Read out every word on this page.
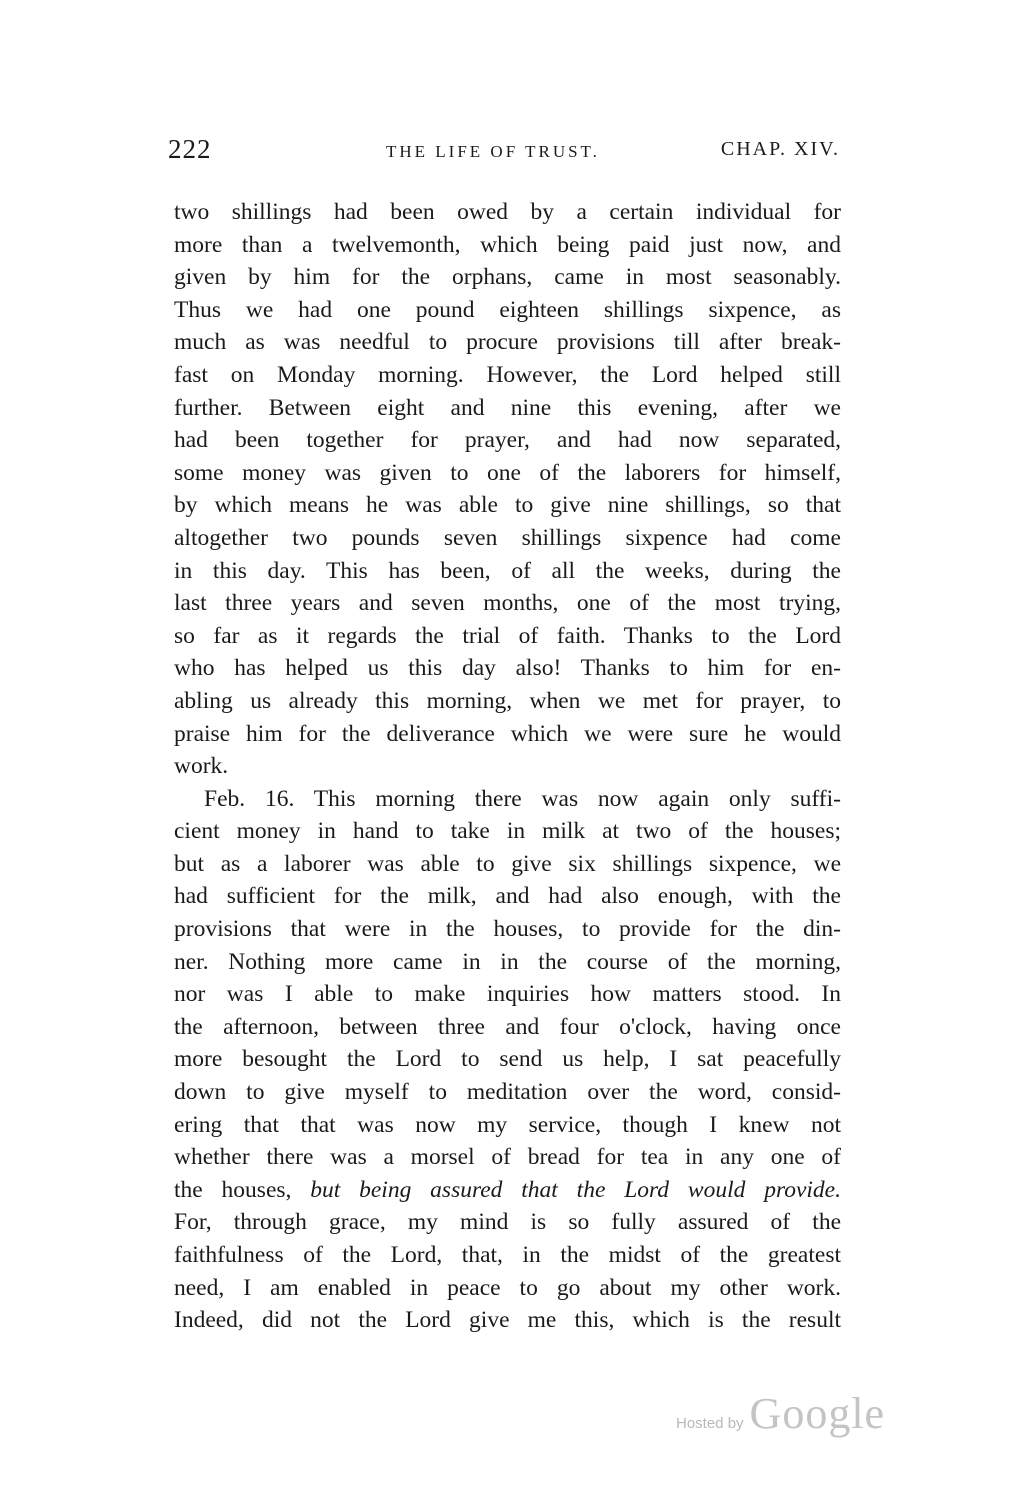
222	THE LIFE OF TRUST.	CHAP. XIV.
two shillings had been owed by a certain individual for
more than a twelvemonth, which being paid just now, and
given by him for the orphans, came in most seasonably.
Thus we had one pound eighteen shillings sixpence, as
much as was needful to procure provisions till after break-
fast on Monday morning. However, the Lord helped still
further. Between eight and nine this evening, after we
had been together for prayer, and had now separated,
some money was given to one of the laborers for himself,
by which means he was able to give nine shillings, so that
altogether two pounds seven shillings sixpence had come
in this day. This has been, of all the weeks, during the
last three years and seven months, one of the most trying,
so far as it regards the trial of faith. Thanks to the Lord
who has helped us this day also! Thanks to him for en-
abling us already this morning, when we met for prayer, to
praise him for the deliverance which we were sure he would
work.
Feb. 16. This morning there was now again only suffi-
cient money in hand to take in milk at two of the houses;
but as a laborer was able to give six shillings sixpence, we
had sufficient for the milk, and had also enough, with the
provisions that were in the houses, to provide for the din-
ner. Nothing more came in in the course of the morning,
nor was I able to make inquiries how matters stood. In
the afternoon, between three and four o'clock, having once
more besought the Lord to send us help, I sat peacefully
down to give myself to meditation over the word, consid-
ering that that was now my service, though I knew not
whether there was a morsel of bread for tea in any one of
the houses, but being assured that the Lord would provide.
For, through grace, my mind is so fully assured of the
faithfulness of the Lord, that, in the midst of the greatest
need, I am enabled in peace to go about my other work.
Indeed, did not the Lord give me this, which is the result
Hosted by Google
